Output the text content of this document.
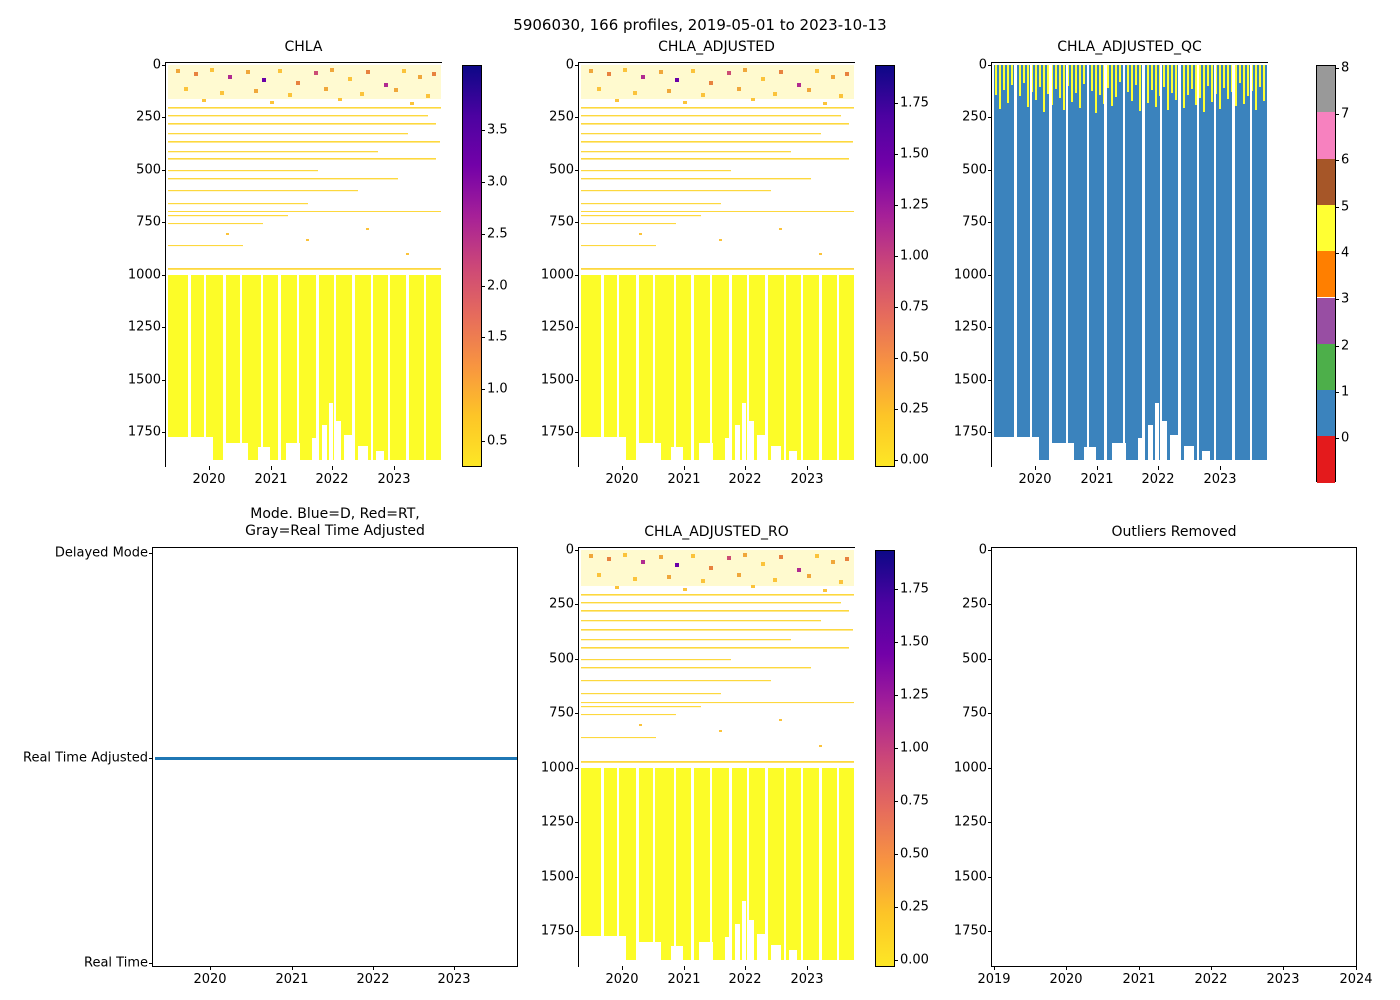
5906030, 166 profiles, 2019-05-01 to 2023-10-13
CHLA
0
250
500
750
1000
1250
1500
1750
2020 2021 2022 2023
0.5
1.0
1.5
2.0
2.5
3.0
3.5
CHLA_ADJUSTED
0
250
500
750
1000
1250
1500
1750
2020 2021 2022 2023
0.00
0.25
0.50
0.75
1.00
1.25
1.50
1.75
CHLA_ADJUSTED_QC
0
250
500
750
1000
1250
1500
1750
2020 2021 2022 2023
8
7
6
5
4
3
2
1
0
Mode. Blue=D, Red=RT,
Gray=Real Time Adjusted
Delayed Mode
Real Time Adjusted
Real Time
2020	2021	2022	2023
CHLA_ADJUSTED_RO
0
250
500
750
1000
1250
1500
1750
2020 2021 2022 2023
0.00
0.25
0.50
0.75
1.00
1.25
1.50
1.75
Outliers Removed
0
250
500
750
1000
1250
1500
1750
2019	2020	2021	2022	2023	2024
